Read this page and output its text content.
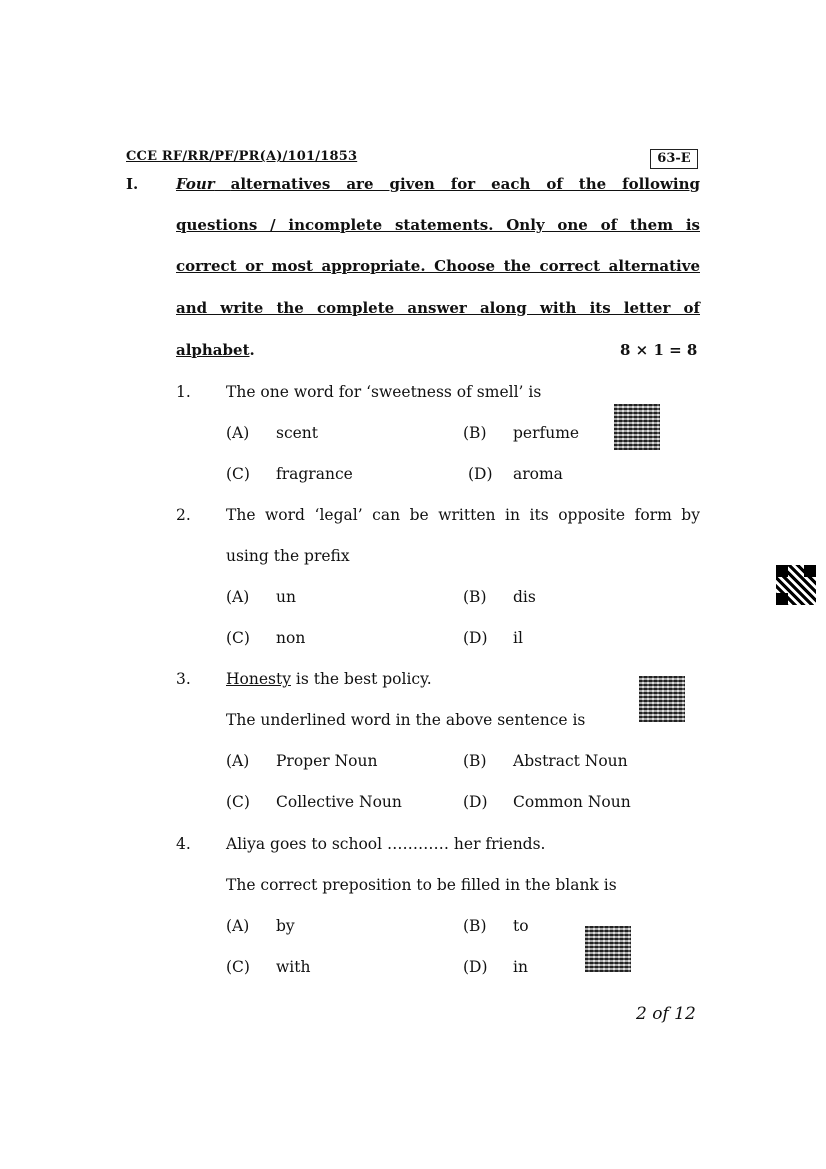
CCE RF/RR/PF/PR(A)/101/1853	63-E
I.	Four alternatives are given for each of the following
questions / incomplete statements. Only one of them is
correct or most appropriate. Choose the correct alternative
and write the complete answer along with its letter of
alphabet.	8 × 1 = 8
1. The one word for ‘sweetness of smell’ is
(A) scent	(B) perfume
(C) fragrance	(D) aroma
2. The word ‘legal’ can be written in its opposite form by
using the prefix
(A) un	(B) dis
(C) non	(D) il
3. Honesty is the best policy.
The underlined word in the above sentence is
(A) Proper Noun	(B) Abstract Noun
(C) Collective Noun	(D) Common Noun
4. Aliya goes to school ………… her friends.
The correct preposition to be filled in the blank is
(A) by	(B) to
(C) with	(D) in
2 of 12
